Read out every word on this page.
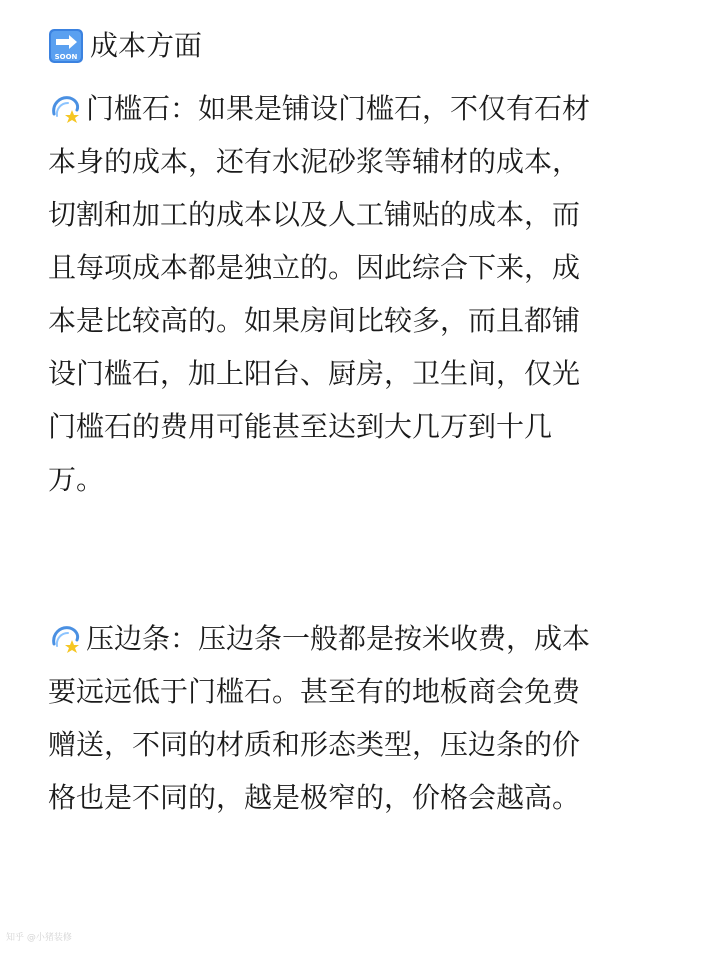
SOON 成本方面
门槛石：如果是铺设门槛石，不仅有石材
本身的成本，还有水泥砂浆等辅材的成本，
切割和加工的成本以及人工铺贴的成本，而
且每项成本都是独立的。因此综合下来，成
本是比较高的。如果房间比较多，而且都铺
设门槛石，加上阳台、厨房，卫生间，仅光
门槛石的费用可能甚至达到大几万到十几
万。
压边条：压边条一般都是按米收费，成本
要远远低于门槛石。甚至有的地板商会免费
赠送，不同的材质和形态类型，压边条的价
格也是不同的，越是极窄的，价格会越高。
知乎 @小猪装修
